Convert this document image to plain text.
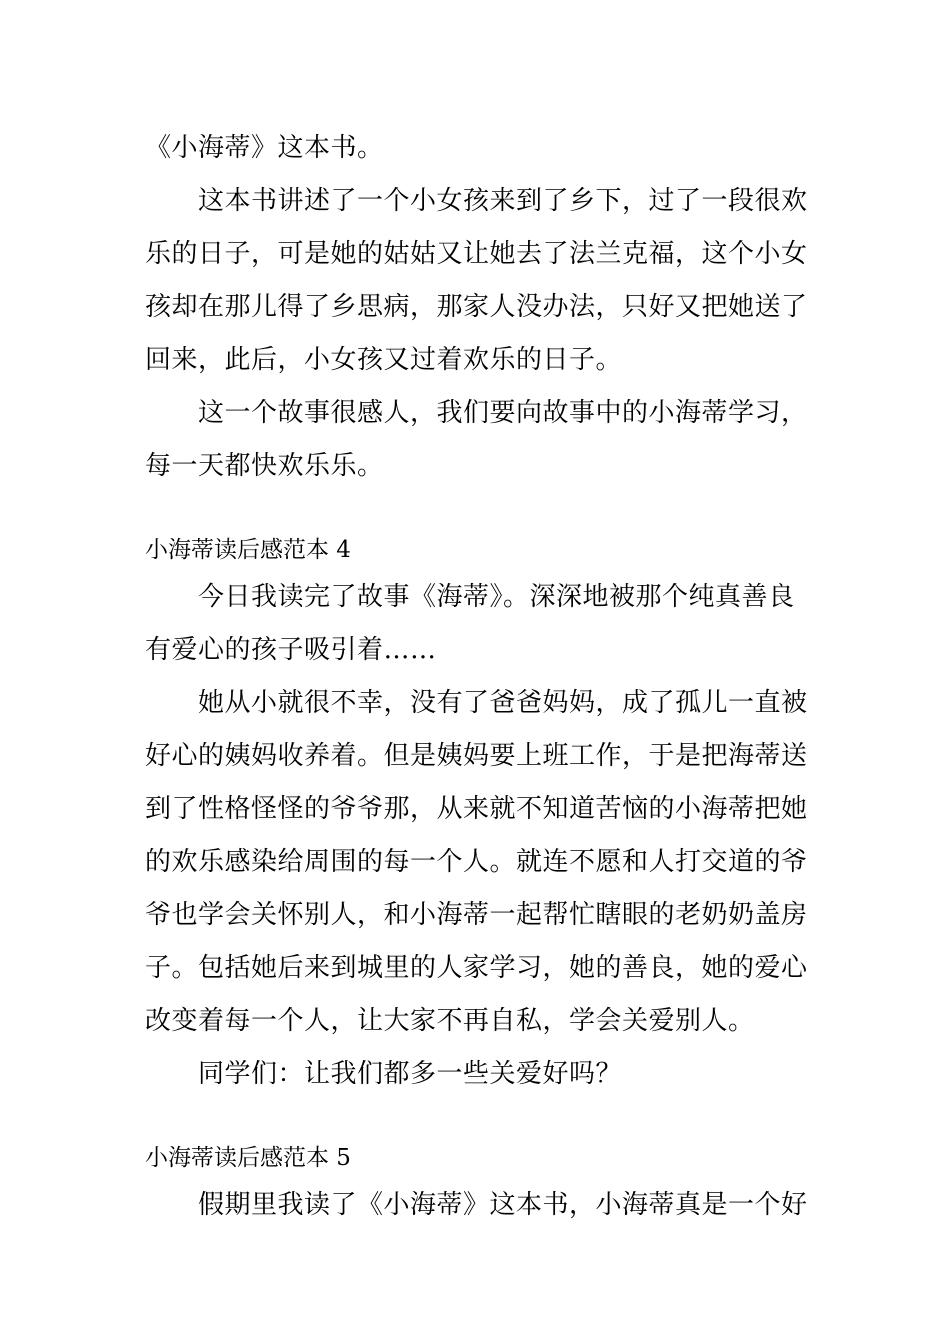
《小海蒂》这本书。
这本书讲述了一个小女孩来到了乡下，过了一段很欢
乐的日子，可是她的姑姑又让她去了法兰克福，这个小女
孩却在那儿得了乡思病，那家人没办法，只好又把她送了
回来，此后，小女孩又过着欢乐的日子。
这一个故事很感人，我们要向故事中的小海蒂学习，
每一天都快欢乐乐。
小海蒂读后感范本 4
今日我读完了故事《海蒂》。深深地被那个纯真善良
有爱心的孩子吸引着……
她从小就很不幸，没有了爸爸妈妈，成了孤儿一直被
好心的姨妈收养着。但是姨妈要上班工作，于是把海蒂送
到了性格怪怪的爷爷那，从来就不知道苦恼的小海蒂把她
的欢乐感染给周围的每一个人。就连不愿和人打交道的爷
爷也学会关怀别人，和小海蒂一起帮忙瞎眼的老奶奶盖房
子。包括她后来到城里的人家学习，她的善良，她的爱心
改变着每一个人，让大家不再自私，学会关爱别人。
同学们：让我们都多一些关爱好吗？
小海蒂读后感范本 5
假期里我读了《小海蒂》这本书，小海蒂真是一个好
